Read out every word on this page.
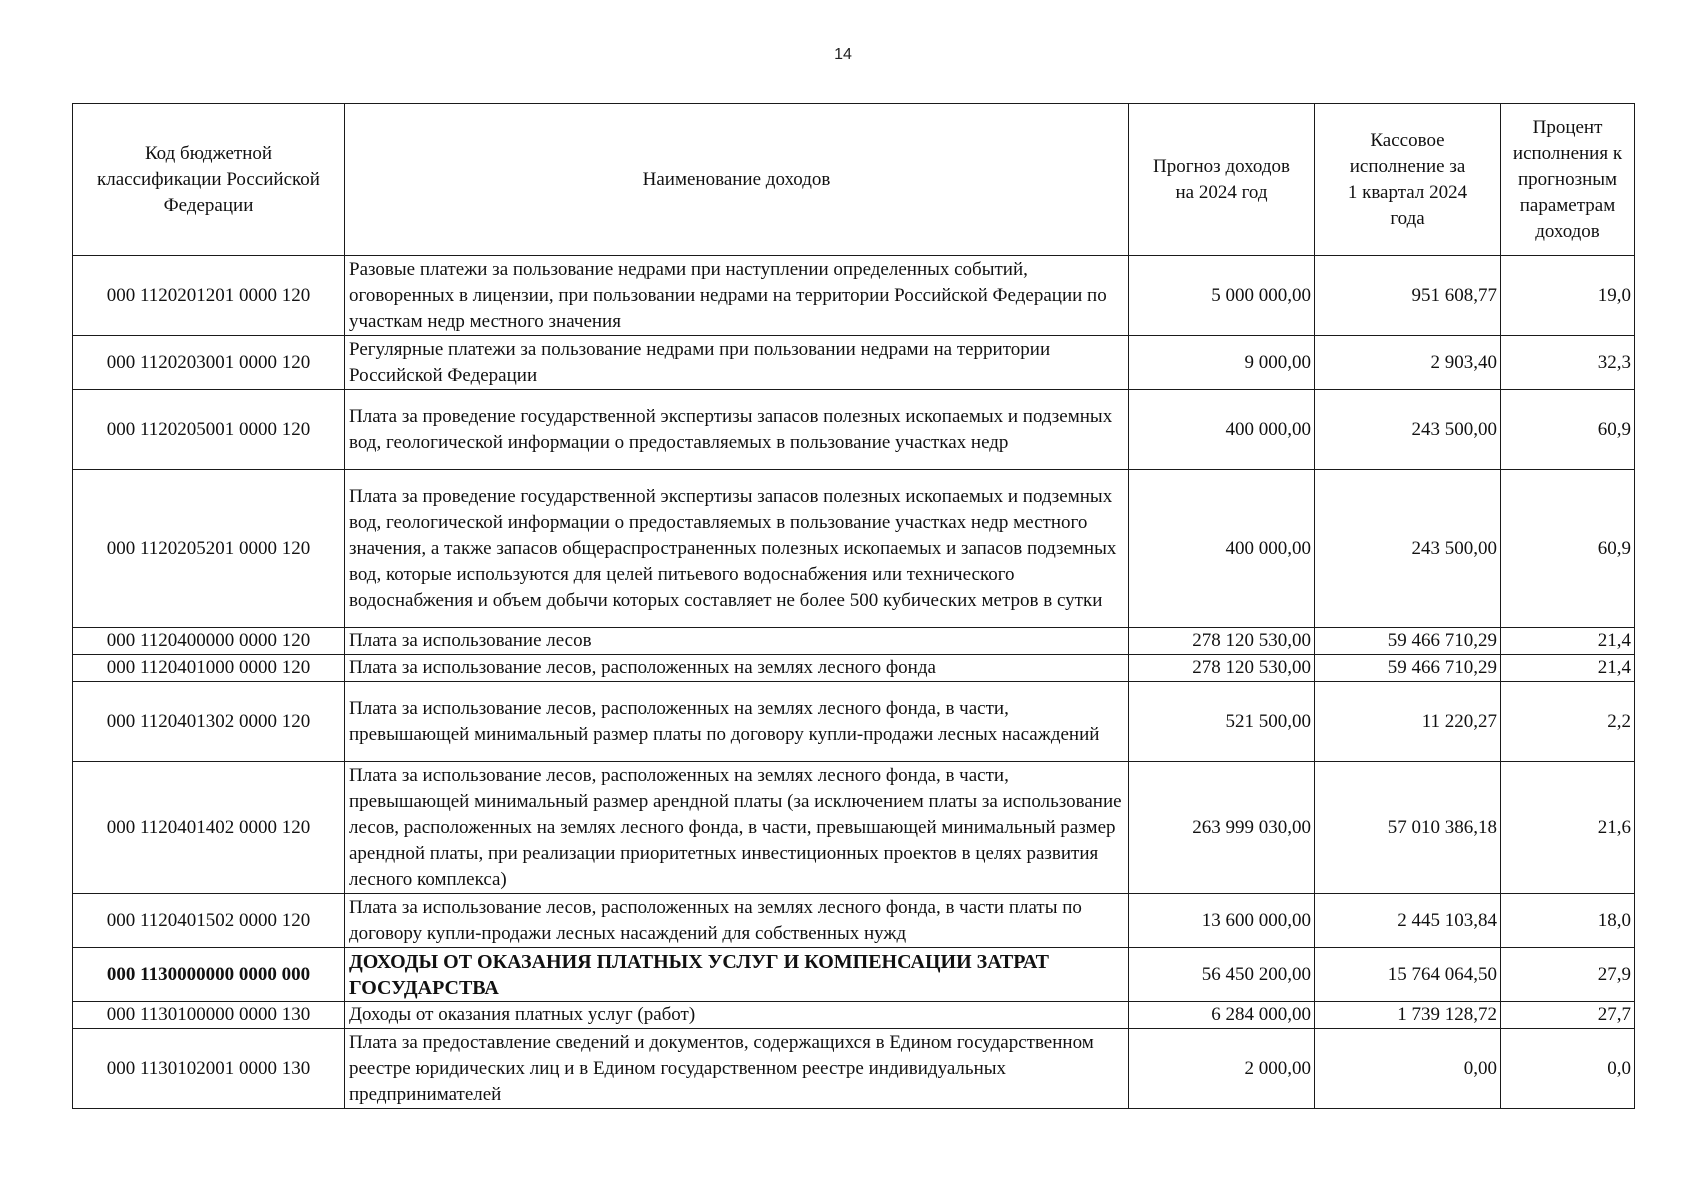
14
Код бюджетной классификации Российской Федерации	Наименование доходов	Прогноз доходов на 2024 год	Кассовое исполнение за 1 квартал 2024 года	Процент исполнения к прогнозным параметрам доходов
000 1120201201 0000 120	Разовые платежи за пользование недрами при наступлении определенных событий, оговоренных в лицензии, при пользовании недрами на территории Российской Федерации по участкам недр местного значения	5 000 000,00	951 608,77	19,0
000 1120203001 0000 120	Регулярные платежи за пользование недрами при пользовании недрами на территории Российской Федерации	9 000,00	2 903,40	32,3
000 1120205001 0000 120	Плата за проведение государственной экспертизы запасов полезных ископаемых и подземных вод, геологической информации о предоставляемых в пользование участках недр	400 000,00	243 500,00	60,9
000 1120205201 0000 120	Плата за проведение государственной экспертизы запасов полезных ископаемых и подземных вод, геологической информации о предоставляемых в пользование участках недр местного значения, а также запасов общераспространенных полезных ископаемых и запасов подземных вод, которые используются для целей питьевого водоснабжения или технического водоснабжения и объем добычи которых составляет не более 500 кубических метров в сутки	400 000,00	243 500,00	60,9
000 1120400000 0000 120	Плата за использование лесов	278 120 530,00	59 466 710,29	21,4
000 1120401000 0000 120	Плата за использование лесов, расположенных на землях лесного фонда	278 120 530,00	59 466 710,29	21,4
000 1120401302 0000 120	Плата за использование лесов, расположенных на землях лесного фонда, в части, превышающей минимальный размер платы по договору купли-продажи лесных насаждений	521 500,00	11 220,27	2,2
000 1120401402 0000 120	Плата за использование лесов, расположенных на землях лесного фонда, в части, превышающей минимальный размер арендной платы (за исключением платы за использование лесов, расположенных на землях лесного фонда, в части, превышающей минимальный размер арендной платы, при реализации приоритетных инвестиционных проектов в целях развития лесного комплекса)	263 999 030,00	57 010 386,18	21,6
000 1120401502 0000 120	Плата за использование лесов, расположенных на землях лесного фонда, в части платы по договору купли-продажи лесных насаждений для собственных нужд	13 600 000,00	2 445 103,84	18,0
000 1130000000 0000 000	ДОХОДЫ ОТ ОКАЗАНИЯ ПЛАТНЫХ УСЛУГ И КОМПЕНСАЦИИ ЗАТРАТ ГОСУДАРСТВА	56 450 200,00	15 764 064,50	27,9
000 1130100000 0000 130	Доходы от оказания платных услуг (работ)	6 284 000,00	1 739 128,72	27,7
000 1130102001 0000 130	Плата за предоставление сведений и документов, содержащихся в Едином государственном реестре юридических лиц и в Едином государственном реестре индивидуальных предпринимателей	2 000,00	0,00	0,0
